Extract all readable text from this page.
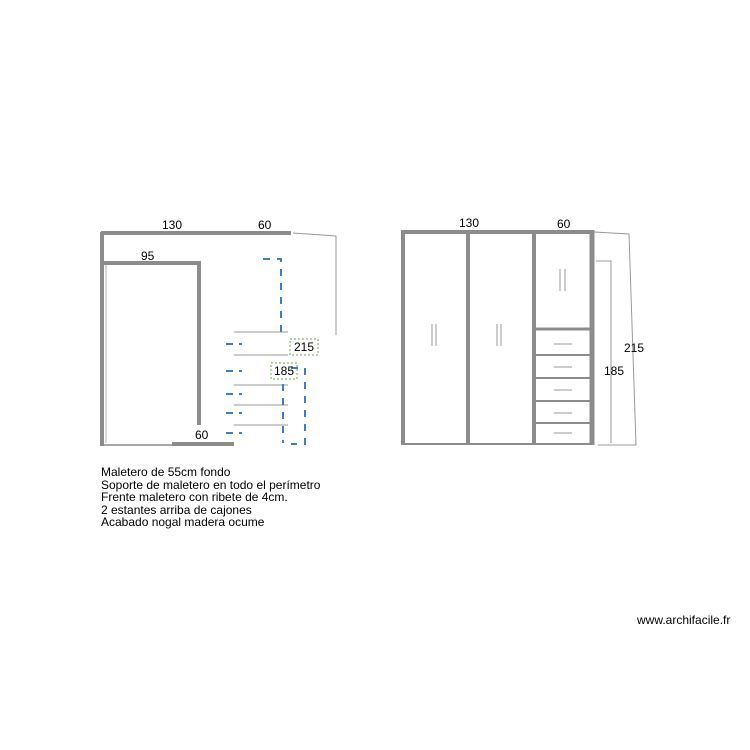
130	60
95
60
215
185
130	60
215
185
Maletero de 55cm fondo
Soporte de maletero en todo el perímetro
Frente maletero con ribete de 4cm.
2 estantes arriba de cajones
Acabado nogal madera ocume
www.archifacile.fr
